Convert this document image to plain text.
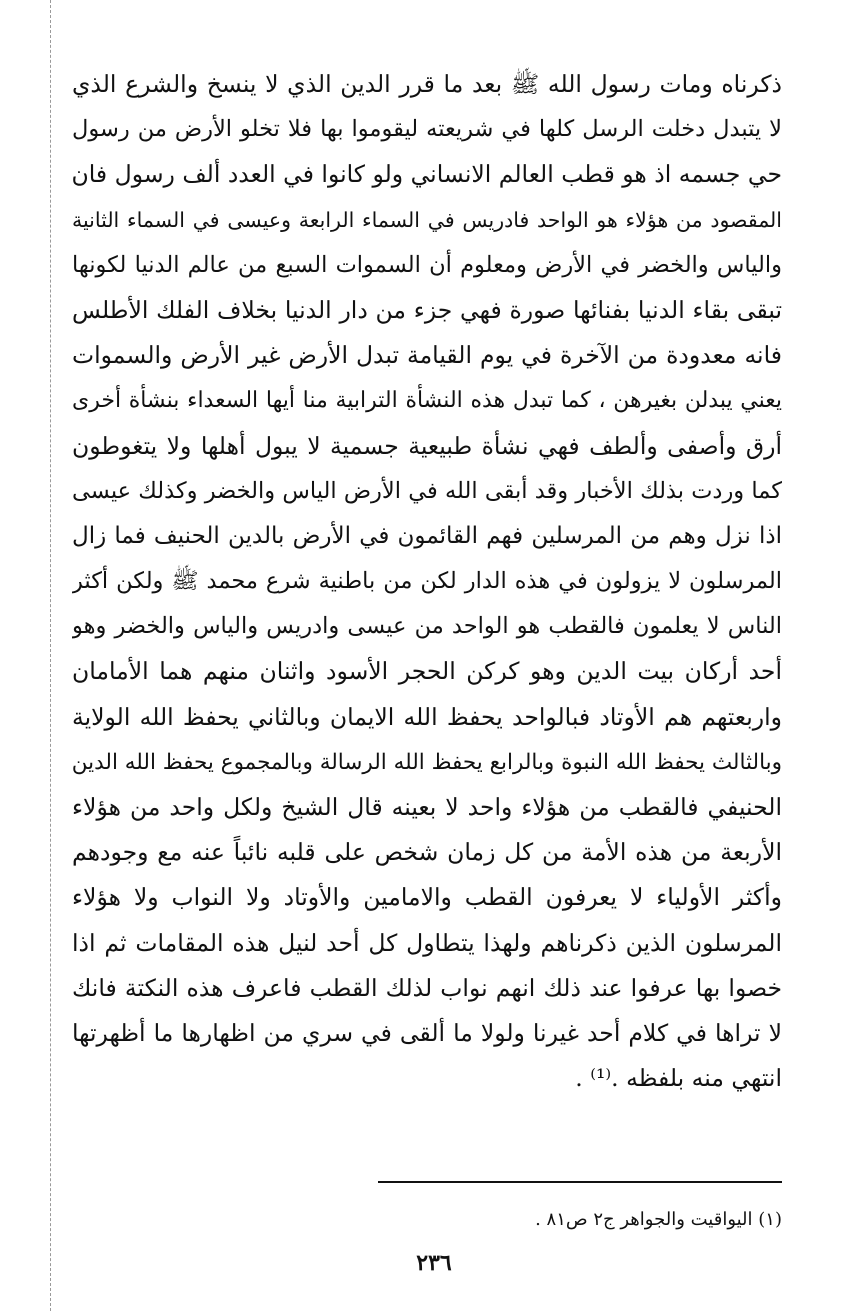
ذكرناه ومات رسول الله ﷺ بعد ما قرر الدين الذي لا ينسخ والشرع الذي
لا يتبدل دخلت الرسل كلها في شريعته ليقوموا بها فلا تخلو الأرض من رسول
حي جسمه اذ هو قطب العالم الانساني ولو كانوا في العدد ألف رسول فان
المقصود من هؤلاء هو الواحد فادريس في السماء الرابعة وعيسى في السماء الثانية
والياس والخضر في الأرض ومعلوم أن السموات السبع من عالم الدنيا لكونها
تبقى بقاء الدنيا بفنائها صورة فهي جزء من دار الدنيا بخلاف الفلك الأطلس
فانه معدودة من الآخرة في يوم القيامة تبدل الأرض غير الأرض والسموات
يعني يبدلن بغيرهن ، كما تبدل هذه النشأة الترابية منا أيها السعداء بنشأة أخرى
أرق وأصفى وألطف فهي نشأة طبيعية جسمية لا يبول أهلها ولا يتغوطون
كما وردت بذلك الأخبار وقد أبقى الله في الأرض الياس والخضر وكذلك عيسى
اذا نزل وهم من المرسلين فهم القائمون في الأرض بالدين الحنيف فما زال
المرسلون لا يزولون في هذه الدار لكن من باطنية شرع محمد ﷺ ولكن أكثر
الناس لا يعلمون فالقطب هو الواحد من عيسى وادريس والياس والخضر وهو
أحد أركان بيت الدين وهو كركن الحجر الأسود واثنان منهم هما الأمامان
واربعتهم هم الأوتاد فبالواحد يحفظ الله الايمان وبالثاني يحفظ الله الولاية
وبالثالث يحفظ الله النبوة وبالرابع يحفظ الله الرسالة وبالمجموع يحفظ الله الدين
الحنيفي فالقطب من هؤلاء واحد لا بعينه قال الشيخ ولكل واحد من هؤلاء
الأربعة من هذه الأمة من كل زمان شخص على قلبه نائباً عنه مع وجودهم
وأكثر الأولياء لا يعرفون القطب والامامين والأوتاد ولا النواب ولا هؤلاء
المرسلون الذين ذكرناهم ولهذا يتطاول كل أحد لنيل هذه المقامات ثم اذا
خصوا بها عرفوا عند ذلك انهم نواب لذلك القطب فاعرف هذه النكتة فانك
لا تراها في كلام أحد غيرنا ولولا ما ألقى في سري من اظهارها ما أظهرتها
انتهي منه بلفظه .⁽¹⁾ .
(١) اليواقيت والجواهر ج٢ ص٨١ .
٢٣٦
